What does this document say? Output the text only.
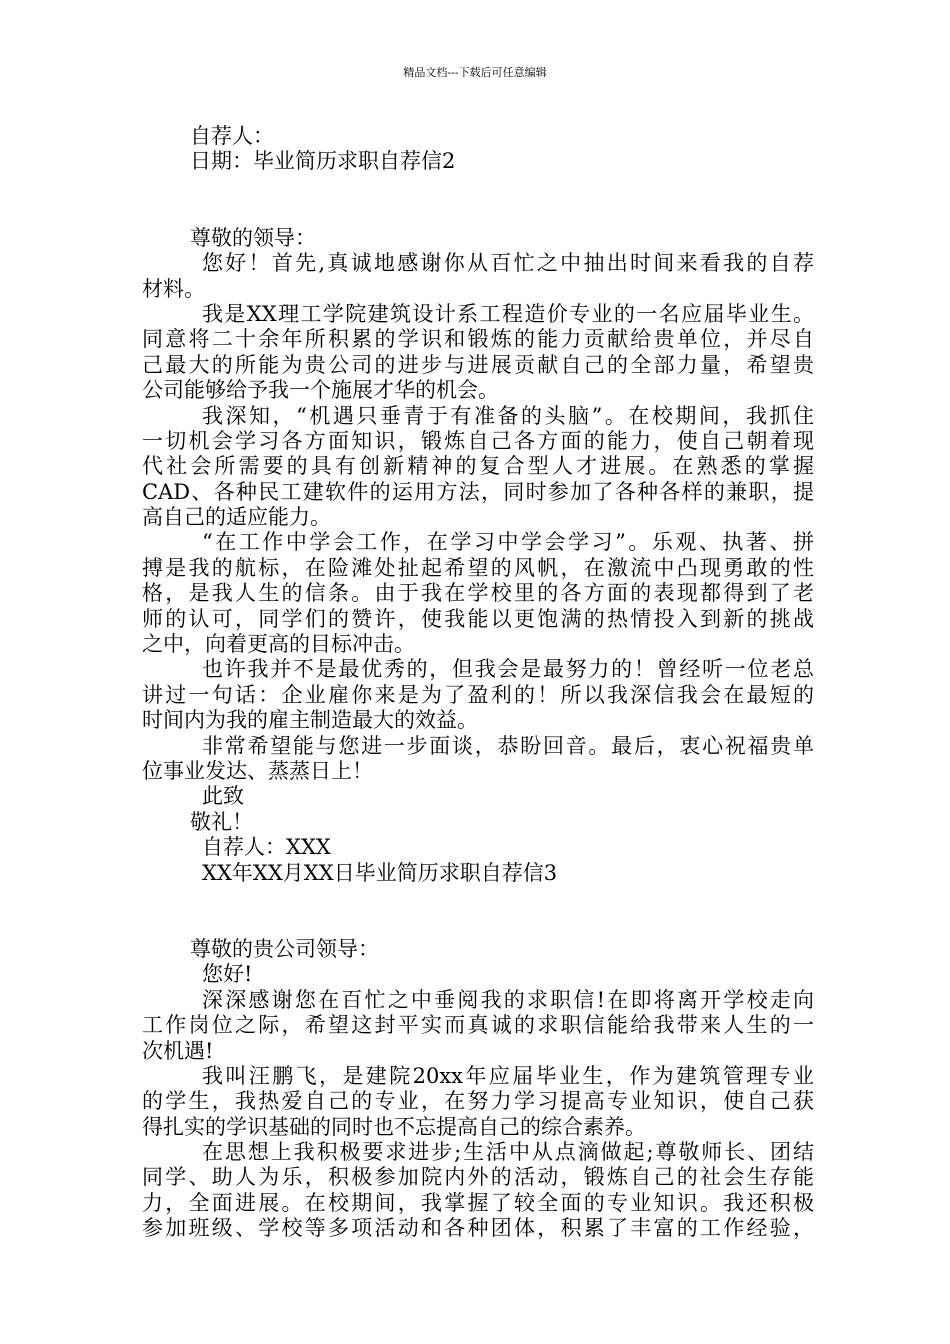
精品文档---下载后可任意编辑
自荐人：
日期：毕业简历求职自荐信2
尊敬的领导：
您好！首先,真诚地感谢你从百忙之中抽出时间来看我的自荐
材料。
我是XX理工学院建筑设计系工程造价专业的一名应届毕业生。
同意将二十余年所积累的学识和锻炼的能力贡献给贵单位，并尽自
己最大的所能为贵公司的进步与进展贡献自己的全部力量，希望贵
公司能够给予我一个施展才华的机会。
我深知，“机遇只垂青于有准备的头脑”。在校期间，我抓住
一切机会学习各方面知识，锻炼自己各方面的能力，使自己朝着现
代社会所需要的具有创新精神的复合型人才进展。在熟悉的掌握
CAD、各种民工建软件的运用方法，同时参加了各种各样的兼职，提
高自己的适应能力。
“在工作中学会工作，在学习中学会学习”。乐观、执著、拼
搏是我的航标，在险滩处扯起希望的风帆，在激流中凸现勇敢的性
格，是我人生的信条。由于我在学校里的各方面的表现都得到了老
师的认可，同学们的赞许，使我能以更饱满的热情投入到新的挑战
之中，向着更高的目标冲击。
也许我并不是最优秀的，但我会是最努力的！曾经听一位老总
讲过一句话：企业雇你来是为了盈利的！所以我深信我会在最短的
时间内为我的雇主制造最大的效益。
非常希望能与您进一步面谈，恭盼回音。最后，衷心祝福贵单
位事业发达、蒸蒸日上！
此致
敬礼！
自荐人：XXX
XX年XX月XX日毕业简历求职自荐信3
尊敬的贵公司领导：
您好!
深深感谢您在百忙之中垂阅我的求职信!在即将离开学校走向
工作岗位之际，希望这封平实而真诚的求职信能给我带来人生的一
次机遇!
我叫汪鹏飞，是建院20xx年应届毕业生，作为建筑管理专业
的学生，我热爱自己的专业，在努力学习提高专业知识，使自己获
得扎实的学识基础的同时也不忘提高自己的综合素养。
在思想上我积极要求进步;生活中从点滴做起;尊敬师长、团结
同学、助人为乐，积极参加院内外的活动，锻炼自己的社会生存能
力，全面进展。在校期间，我掌握了较全面的专业知识。我还积极
参加班级、学校等多项活动和各种团体，积累了丰富的工作经验，
